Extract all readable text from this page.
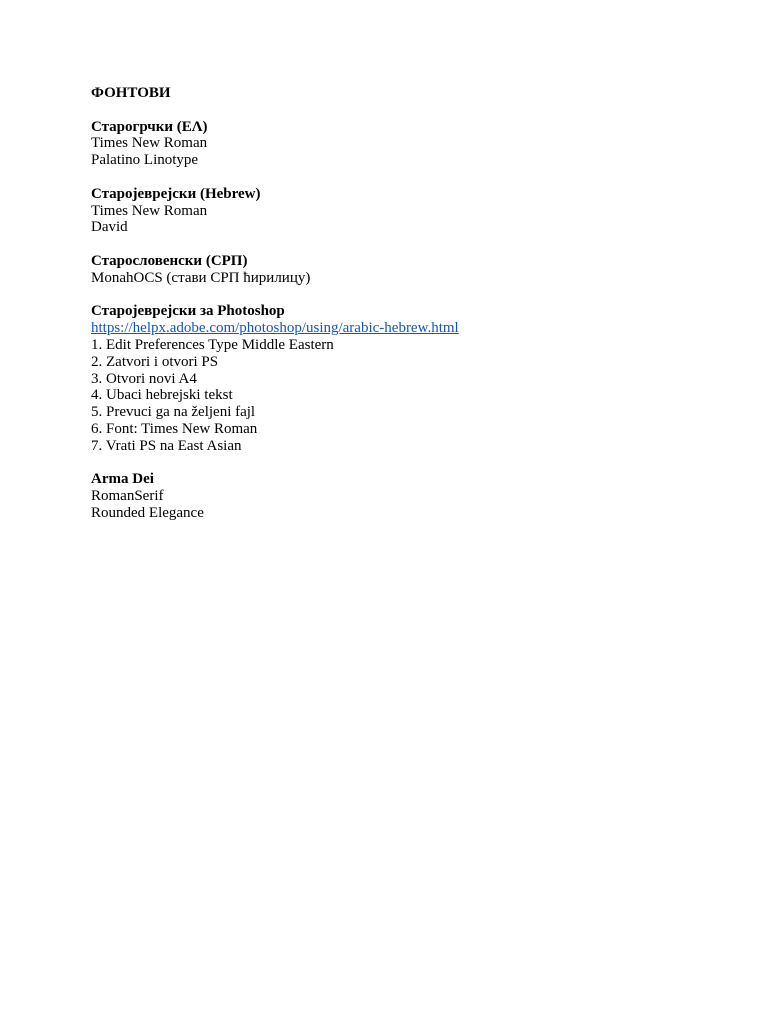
ФОНТОВИ
Старогрчки (ΕΛ)
Times New Roman
Palatino Linotype
Старојеврејски (Hebrew)
Times New Roman
David
Старословенски (СРП)
MonahOCS (стави СРП ћирилицу)
Старојеврејски за Photoshop
https://helpx.adobe.com/photoshop/using/arabic-hebrew.html
1. Edit Preferences Type Middle Eastern
2. Zatvori i otvori PS
3. Otvori novi A4
4. Ubaci hebrejski tekst
5. Prevuci ga na željeni fajl
6. Font: Times New Roman
7. Vrati PS na East Asian
Arma Dei
RomanSerif
Rounded Elegance
